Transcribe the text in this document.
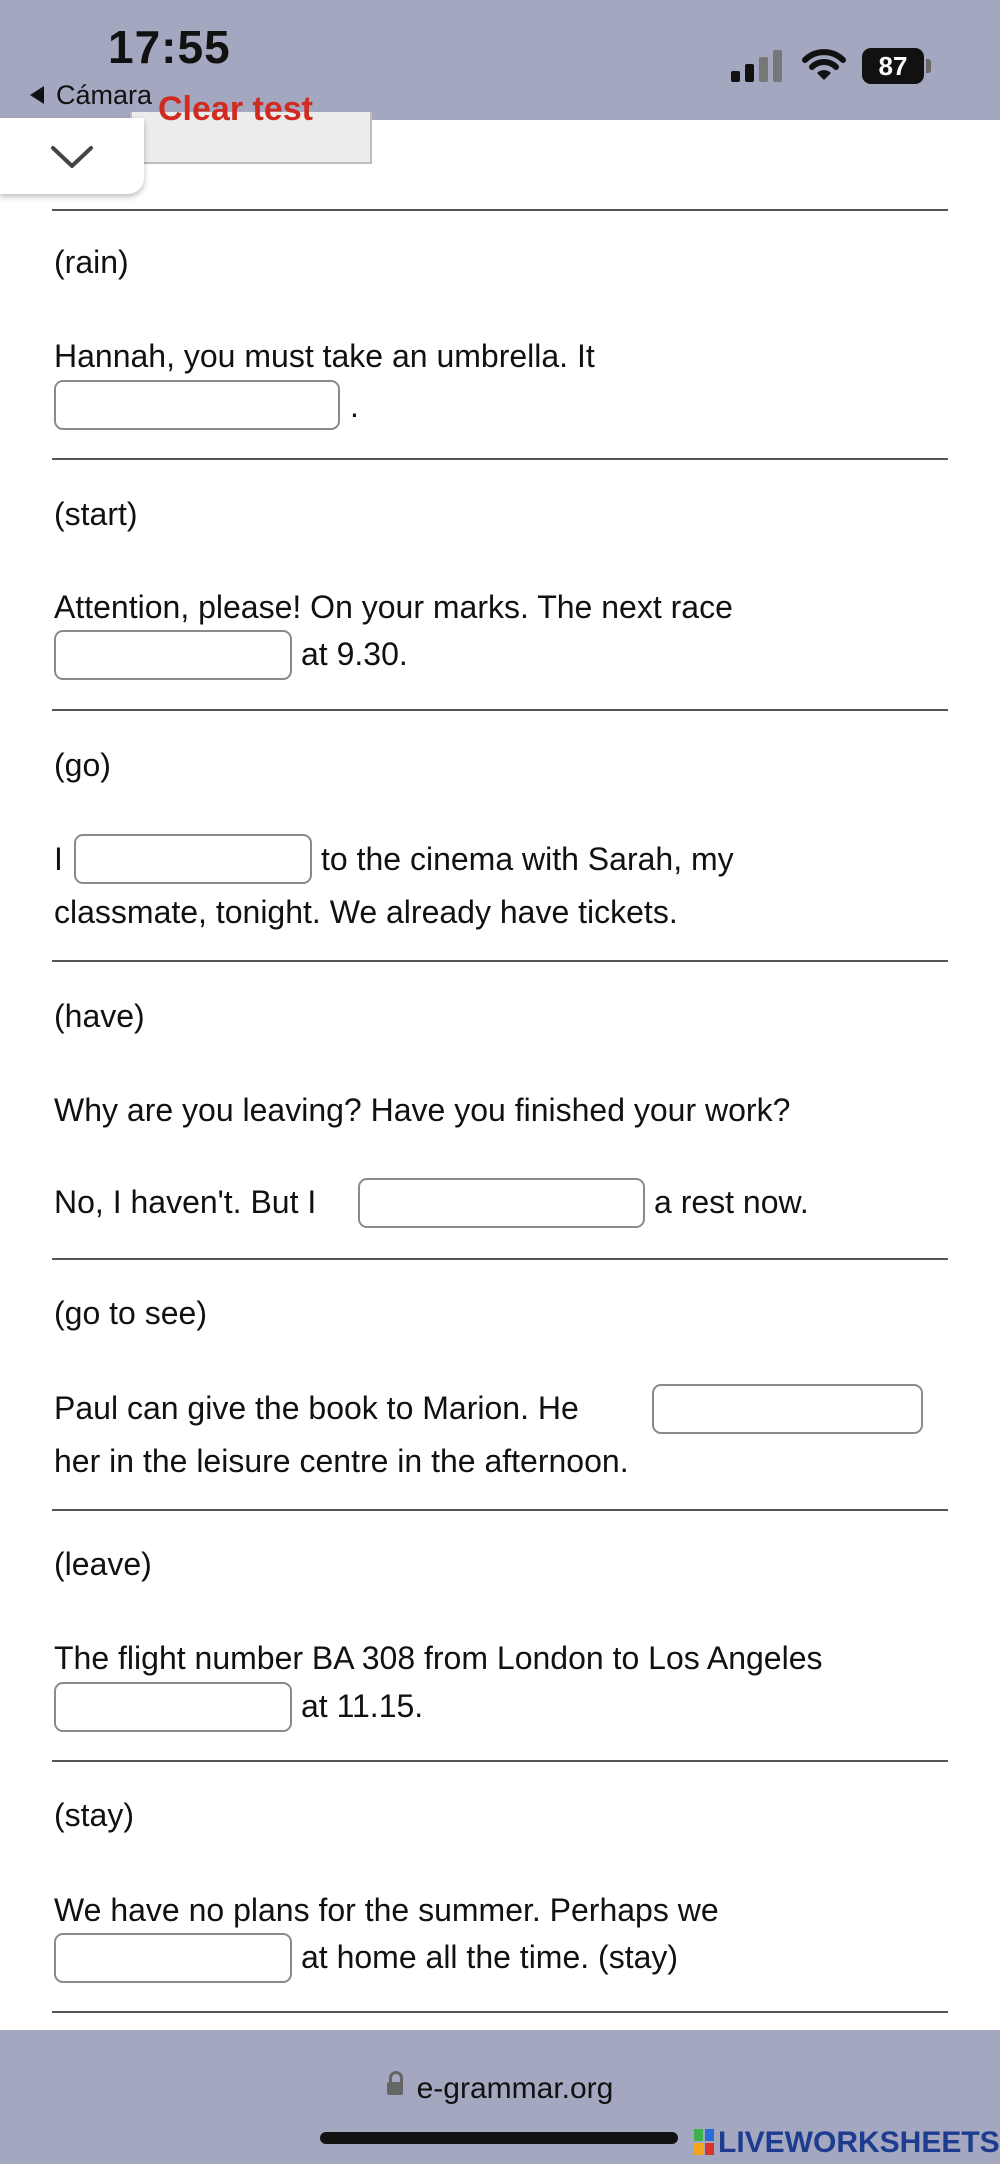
17:55
Cámara
87
Clear test
(rain)
Hannah, you must take an umbrella. It
.
(start)
Attention, please! On your marks. The next race
at 9.30.
(go)
I	to the cinema with Sarah, my
classmate, tonight. We already have tickets.
(have)
Why are you leaving? Have you finished your work?
No, I haven't. But I	a rest now.
(go to see)
Paul can give the book to Marion. He
her in the leisure centre in the afternoon.
(leave)
The flight number BA 308 from London to Los Angeles
at 11.15.
(stay)
We have no plans for the summer. Perhaps we
at home all the time. (stay)
e-grammar.org
LIVEWORKSHEETS
